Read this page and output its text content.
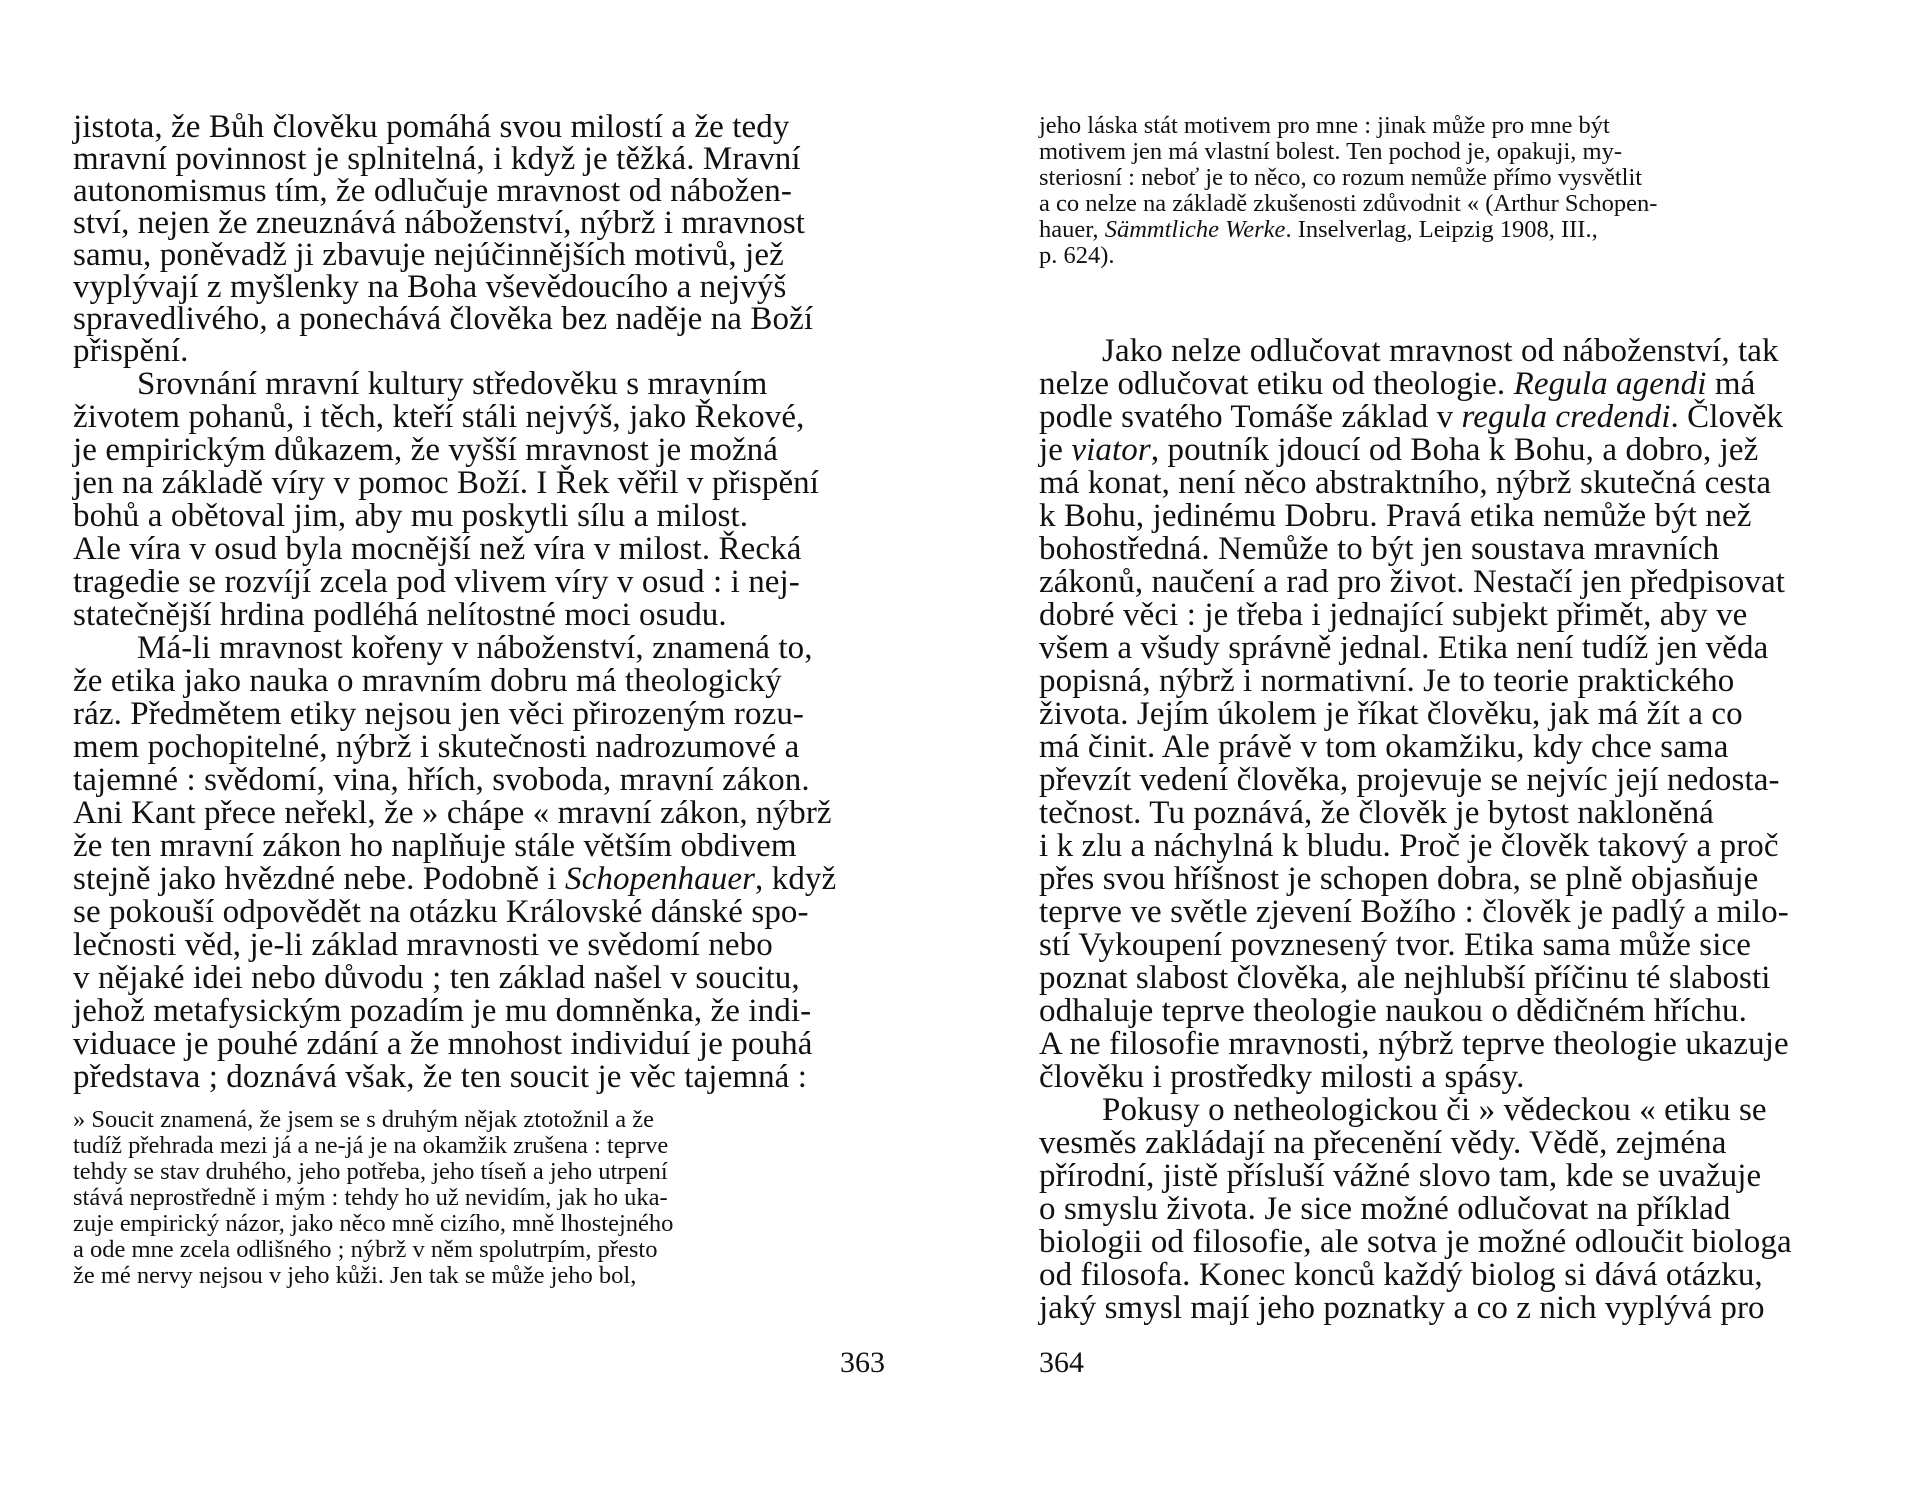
jistota, že Bůh člověku pomáhá svou milostí a že tedy
mravní povinnost je splnitelná, i když je těžká. Mravní
autonomismus tím, že odlučuje mravnost od nábožen-
ství, nejen že zneuznává náboženství, nýbrž i mravnost
samu, poněvadž ji zbavuje nejúčinnějších motivů, jež
vyplývají z myšlenky na Boha vševědoucího a nejvýš
spravedlivého, a ponechává člověka bez naděje na Boží
přispění.
Srovnání mravní kultury středověku s mravním
životem pohanů, i těch, kteří stáli nejvýš, jako Řekové,
je empirickým důkazem, že vyšší mravnost je možná
jen na základě víry v pomoc Boží. I Řek věřil v přispění
bohů a obětoval jim, aby mu poskytli sílu a milost.
Ale víra v osud byla mocnější než víra v milost. Řecká
tragedie se rozvíjí zcela pod vlivem víry v osud : i nej-
statečnější hrdina podléhá nelítostné moci osudu.
Má-li mravnost kořeny v náboženství, znamená to,
že etika jako nauka o mravním dobru má theologický
ráz. Předmětem etiky nejsou jen věci přirozeným rozu-
mem pochopitelné, nýbrž i skutečnosti nadrozumové a
tajemné : svědomí, vina, hřích, svoboda, mravní zákon.
Ani Kant přece neřekl, že » chápe « mravní zákon, nýbrž
že ten mravní zákon ho naplňuje stále větším obdivem
stejně jako hvězdné nebe. Podobně i Schopenhauer, když
se pokouší odpovědět na otázku Královské dánské spo-
lečnosti věd, je-li základ mravnosti ve svědomí nebo
v nějaké idei nebo důvodu ; ten základ našel v soucitu,
jehož metafysickým pozadím je mu domněnka, že indi-
viduace je pouhé zdání a že mnohost individuí je pouhá
představa ; doznává však, že ten soucit je věc tajemná :
» Soucit znamená, že jsem se s druhým nějak ztotožnil a že
tudíž přehrada mezi já a ne-já je na okamžik zrušena : teprve
tehdy se stav druhého, jeho potřeba, jeho tíseň a jeho utrpení
stává neprostředně i mým : tehdy ho už nevidím, jak ho uka-
zuje empirický názor, jako něco mně cizího, mně lhostejného
a ode mne zcela odlišného ; nýbrž v něm spolutrpím, přesto
že mé nervy nejsou v jeho kůži. Jen tak se může jeho bol,
363
jeho láska stát motivem pro mne : jinak může pro mne být
motivem jen má vlastní bolest. Ten pochod je, opakuji, my-
steriosní : neboť je to něco, co rozum nemůže přímo vysvětlit
a co nelze na základě zkušenosti zdůvodnit « (Arthur Schopen-
hauer, Sämmtliche Werke. Inselverlag, Leipzig 1908, III.,
p. 624).
Jako nelze odlučovat mravnost od náboženství, tak
nelze odlučovat etiku od theologie. Regula agendi má
podle svatého Tomáše základ v regula credendi. Člověk
je viator, poutník jdoucí od Boha k Bohu, a dobro, jež
má konat, není něco abstraktního, nýbrž skutečná cesta
k Bohu, jedinému Dobru. Pravá etika nemůže být než
bohostředná. Nemůže to být jen soustava mravních
zákonů, naučení a rad pro život. Nestačí jen předpisovat
dobré věci : je třeba i jednající subjekt přimět, aby ve
všem a všudy správně jednal. Etika není tudíž jen věda
popisná, nýbrž i normativní. Je to teorie praktického
života. Jejím úkolem je říkat člověku, jak má žít a co
má činit. Ale právě v tom okamžiku, kdy chce sama
převzít vedení člověka, projevuje se nejvíc její nedosta-
tečnost. Tu poznává, že člověk je bytost nakloněná
i k zlu a náchylná k bludu. Proč je člověk takový a proč
přes svou hříšnost je schopen dobra, se plně objasňuje
teprve ve světle zjevení Božího : člověk je padlý a milo-
stí Vykoupení povznesený tvor. Etika sama může sice
poznat slabost člověka, ale nejhlubší příčinu té slabosti
odhaluje teprve theologie naukou o dědičném hříchu.
A ne filosofie mravnosti, nýbrž teprve theologie ukazuje
člověku i prostředky milosti a spásy.
Pokusy o netheologickou či » vědeckou « etiku se
vesměs zakládají na přecenění vědy. Vědě, zejména
přírodní, jistě přísluší vážné slovo tam, kde se uvažuje
o smyslu života. Je sice možné odlučovat na příklad
biologii od filosofie, ale sotva je možné odloučit biologa
od filosofa. Konec konců každý biolog si dává otázku,
jaký smysl mají jeho poznatky a co z nich vyplývá pro
364
